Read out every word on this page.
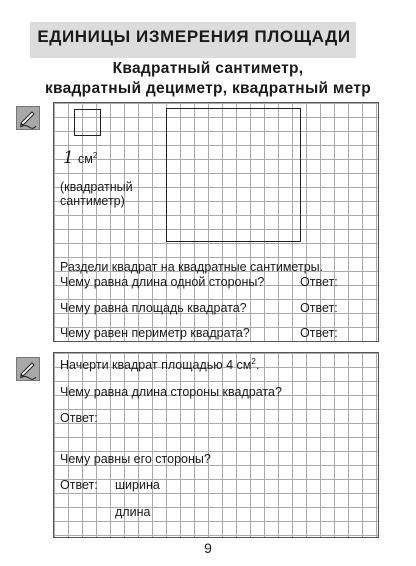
ЕДИНИЦЫ ИЗМЕРЕНИЯ ПЛОЩАДИ
Квадратный сантиметр,
квадратный дециметр, квадратный метр
1 $см^2$
(квадратный
сантиметр)
Раздели квадрат на квадратные сантиметры.
Чему равна длина одной стороны?	Ответ:
Чему равна площадь квадрата?	Ответ:
Чему равен периметр квадрата?	Ответ:
Начерти квадрат площадью 4 $см^2$.
Чему равна длина стороны квадрата?
Ответ:
Чему равны его стороны?
Ответ: ширина
длина
9
